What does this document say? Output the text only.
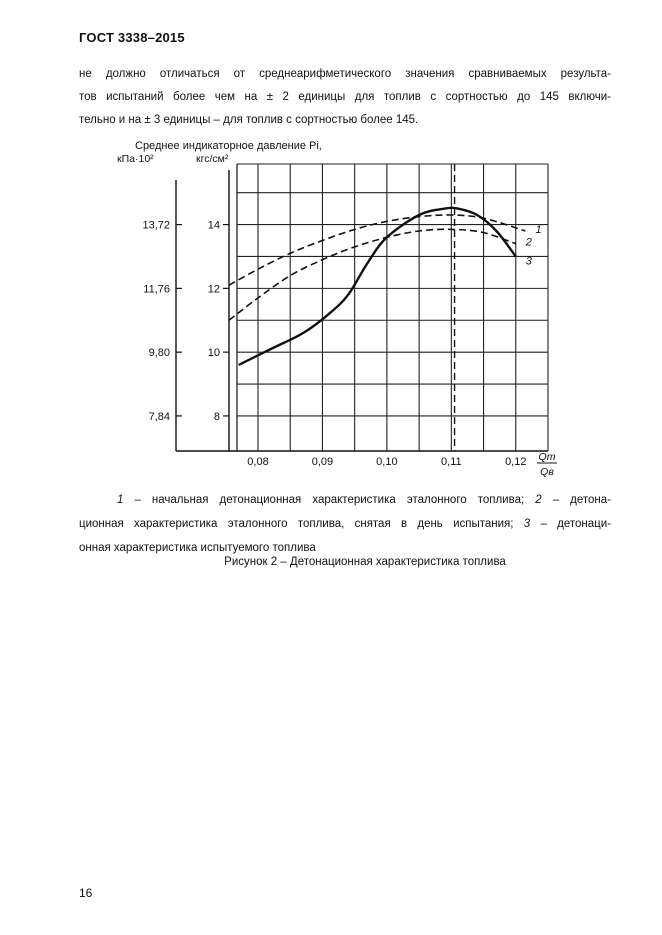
ГОСТ 3338–2015
не должно отличаться от среднеарифметического значения сравниваемых результа-
тов испытаний более чем на ± 2 единицы для топлив с сортностью до 145 включи-
тельно и на ± 3 единицы – для топлив с сортностью более 145.
8
7,84
10
9,80
12
11,76
14
13,72
0,08	0,09	0,10	0,11	0,12
Среднее индикаторное давление Pi,
кПа·10²	кгс/см²
Qт
Qв
1
2
3
1 – начальная детонационная характеристика эталонного топлива; 2 – детона-
ционная характеристика эталонного топлива, снятая в день испытания; 3 – детонаци-
онная характеристика испытуемого топлива
Рисунок 2 – Детонационная характеристика топлива
16
